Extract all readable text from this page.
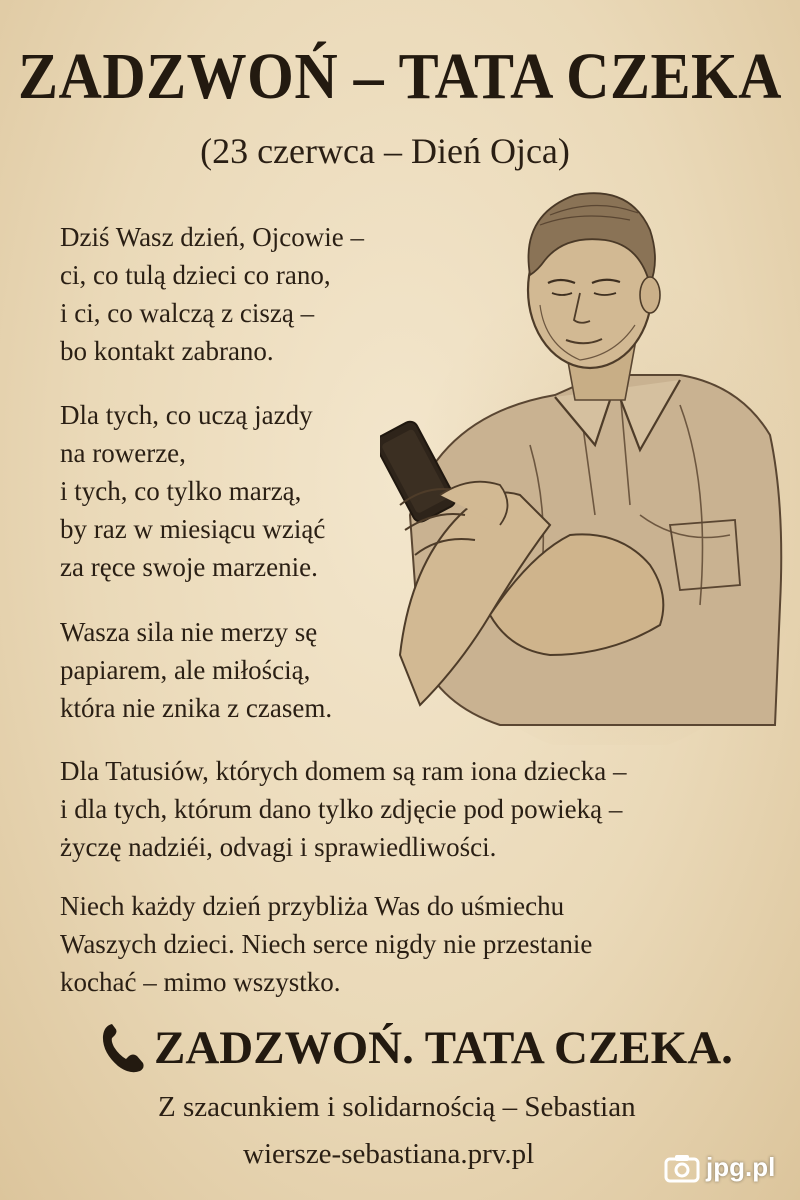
ZADZWOŃ – TATA CZEKA
(23 czerwca – Dień Ojca)
Dziś Wasz dzień, Ojcowie –
ci, co tulą dzieci co rano,
i ci, co walczą z ciszą –
bo kontakt zabrano.
Dla tych, co uczą jazdy
na rowerze,
i tych, co tylko marzą,
by raz w miesiącu wziąć
za ręce swoje marzenie.
Wasza sila nie merzy sę
papiarem, ale miłością,
która nie znika z czasem.
Dla Tatusiów, których domem są ram iona dziecka –
i dla tych, którum dano tylko zdjęcie pod powieką –
życzę nadziéi, odvagi i sprawiedliwości.
Niech każdy dzień przybliża Was do uśmiechu
Waszych dzieci. Niech serce nigdy nie przestanie
kochać – mimo wszystko.
ZADZWOŃ. TATA CZEKA.
Z szacunkiem i solidarnością – Sebastian
wiersze-sebastiana.prv.pl	jpg.pl
